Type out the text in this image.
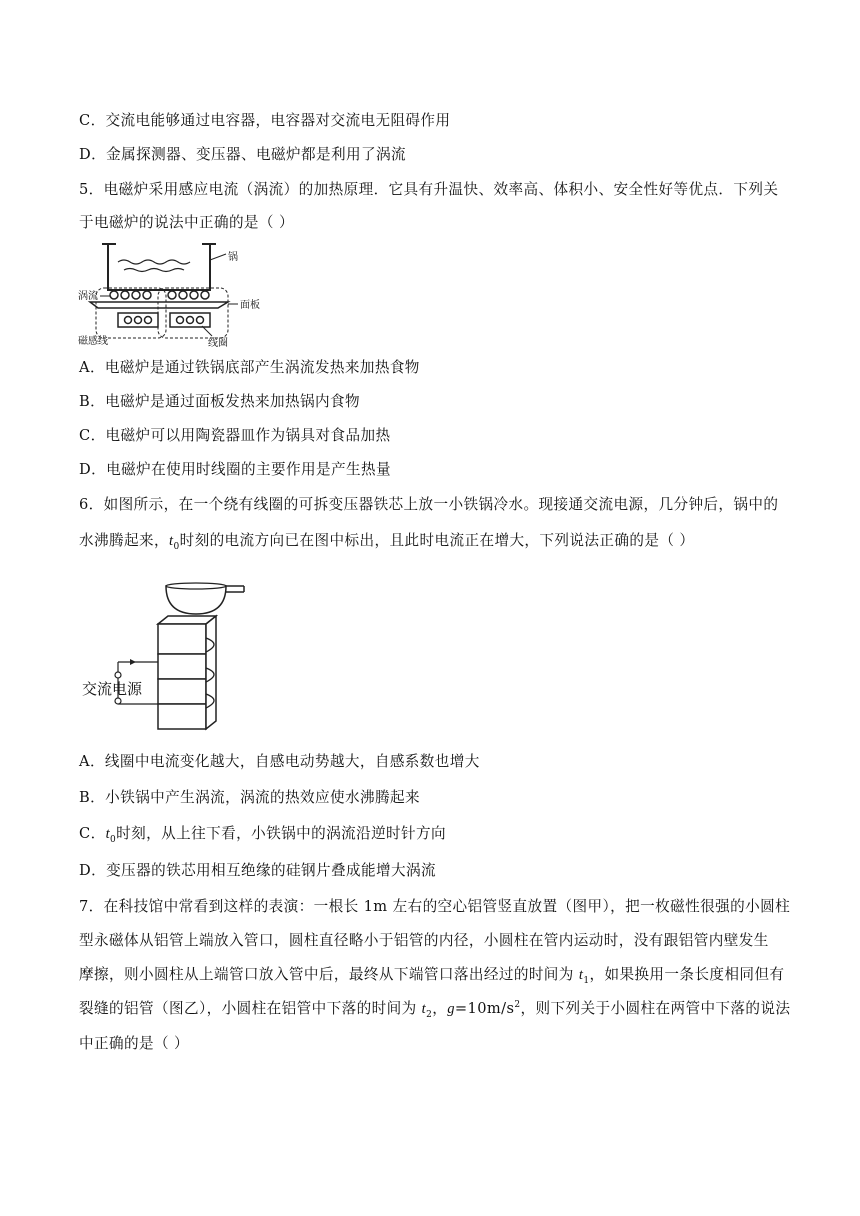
C．交流电能够通过电容器，电容器对交流电无阻碍作用
D．金属探测器、变压器、电磁炉都是利用了涡流
5．电磁炉采用感应电流（涡流）的加热原理．它具有升温快、效率高、体积小、安全性好等优点．下列关
于电磁炉的说法中正确的是（ ）
锅
涡流
面板
线圈
磁感线
A．电磁炉是通过铁锅底部产生涡流发热来加热食物
B．电磁炉是通过面板发热来加热锅内食物
C．电磁炉可以用陶瓷器皿作为锅具对食品加热
D．电磁炉在使用时线圈的主要作用是产生热量
6．如图所示，在一个绕有线圈的可拆变压器铁芯上放一小铁锅冷水。现接通交流电源，几分钟后，锅中的
水沸腾起来，$t_0$时刻的电流方向已在图中标出，且此时电流正在增大，下列说法正确的是（ ）
交流电源
A．线圈中电流变化越大，自感电动势越大，自感系数也增大
B．小铁锅中产生涡流，涡流的热效应使水沸腾起来
C．$t_0$时刻，从上往下看，小铁锅中的涡流沿逆时针方向
D．变压器的铁芯用相互绝缘的硅钢片叠成能增大涡流
7．在科技馆中常看到这样的表演：一根长 1m 左右的空心铝管竖直放置（图甲），把一枚磁性很强的小圆柱
型永磁体从铝管上端放入管口，圆柱直径略小于铝管的内径，小圆柱在管内运动时，没有跟铝管内壁发生
摩擦，则小圆柱从上端管口放入管中后，最终从下端管口落出经过的时间为 $t_1$，如果换用一条长度相同但有
裂缝的铝管（图乙），小圆柱在铝管中下落的时间为 $t_2$，$g=10m/s^2$，则下列关于小圆柱在两管中下落的说法
中正确的是（ ）
